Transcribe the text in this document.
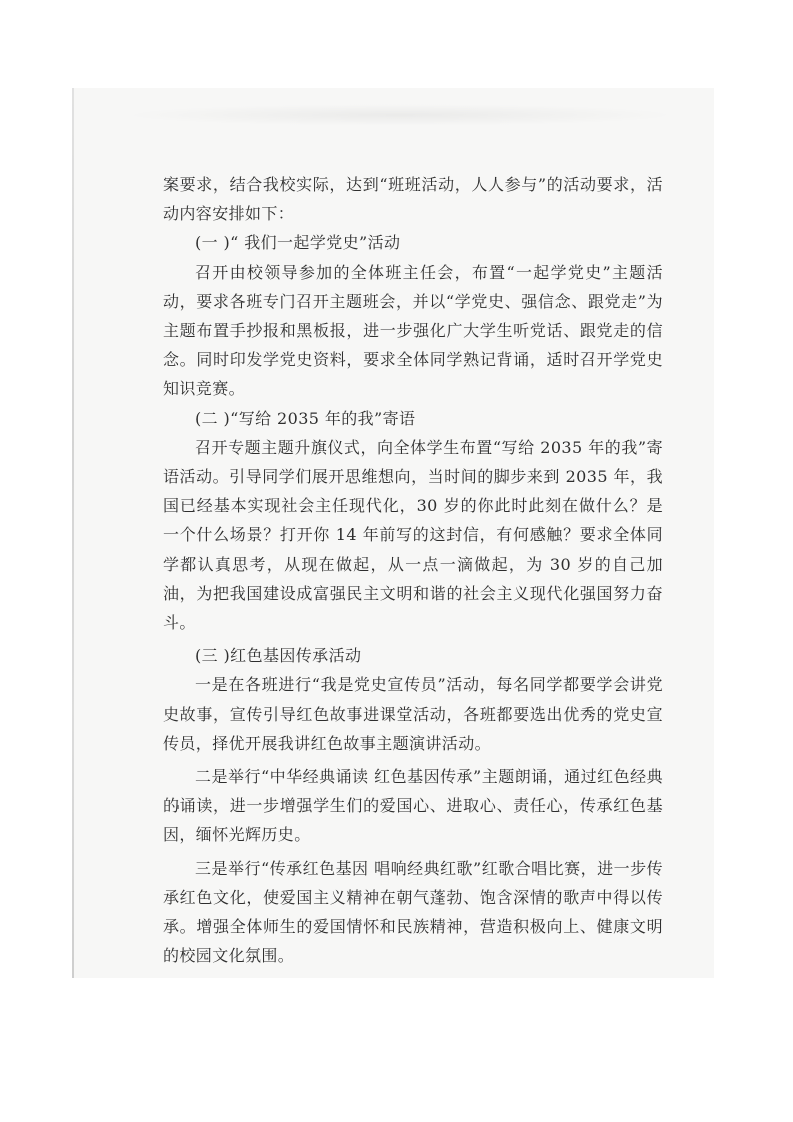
案要求，结合我校实际，达到“班班活动，人人参与”的活动要求，活动内容安排如下：

(一 )“ 我们一起学党史”活动

召开由校领导参加的全体班主任会，布置“一起学党史”主题活动，要求各班专门召开主题班会，并以“学党史、强信念、跟党走”为主题布置手抄报和黑板报，进一步强化广大学生听党话、跟党走的信念。同时印发学党史资料，要求全体同学熟记背诵，适时召开学党史知识竞赛。

(二 )“写给 2035 年的我”寄语

召开专题主题升旗仪式，向全体学生布置“写给 2035 年的我”寄语活动。引导同学们展开思维想向，当时间的脚步来到 2035 年，我国已经基本实现社会主任现代化，30 岁的你此时此刻在做什么？是一个什么场景？打开你 14 年前写的这封信，有何感触？要求全体同学都认真思考，从现在做起，从一点一滴做起，为 30 岁的自己加油，为把我国建设成富强民主文明和谐的社会主义现代化强国努力奋斗。

(三 )红色基因传承活动

一是在各班进行“我是党史宣传员”活动，每名同学都要学会讲党史故事，宣传引导红色故事进课堂活动，各班都要选出优秀的党史宣传员，择优开展我讲红色故事主题演讲活动。

二是举行“中华经典诵读 红色基因传承”主题朗诵，通过红色经典的诵读，进一步增强学生们的爱国心、进取心、责任心，传承红色基因，缅怀光辉历史。

三是举行“传承红色基因 唱响经典红歌”红歌合唱比赛，进一步传承红色文化，使爱国主义精神在朝气蓬勃、饱含深情的歌声中得以传承。增强全体师生的爱国情怀和民族精神，营造积极向上、健康文明的校园文化氛围。
